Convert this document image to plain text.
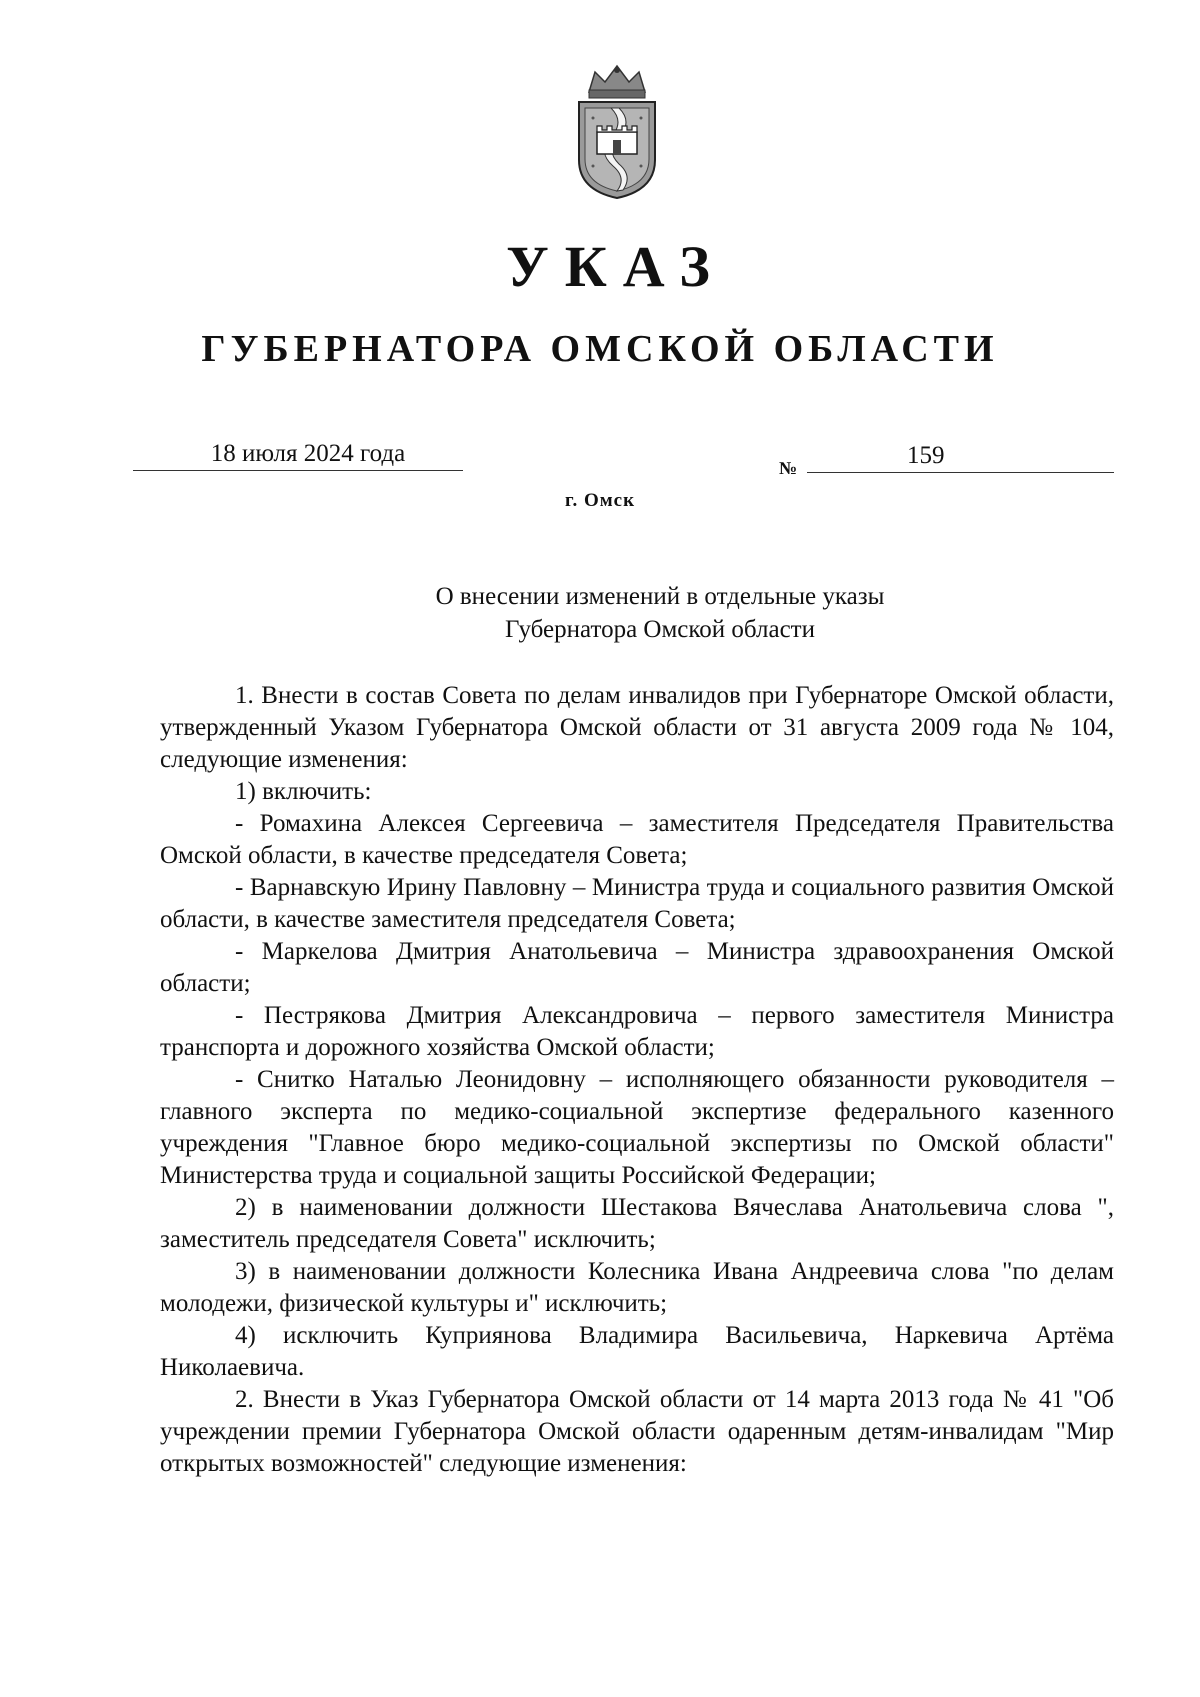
УКАЗ
ГУБЕРНАТОРА ОМСКОЙ ОБЛАСТИ
18 июля 2024 года
№	159
г. Омск
О внесении изменений в отдельные указы
Губернатора Омской области

1. Внести в состав Совета по делам инвалидов при Губернаторе Омской области, утвержденный Указом Губернатора Омской области от 31 августа 2009 года № 104, следующие изменения:

1) включить:

- Ромахина Алексея Сергеевича – заместителя Председателя Правительства Омской области, в качестве председателя Совета;

- Варнавскую Ирину Павловну – Министра труда и социального развития Омской области, в качестве заместителя председателя Совета;

- Маркелова Дмитрия Анатольевича – Министра здравоохранения Омской области;

- Пестрякова Дмитрия Александровича – первого заместителя Министра транспорта и дорожного хозяйства Омской области;

- Снитко Наталью Леонидовну – исполняющего обязанности руководителя – главного эксперта по медико-социальной экспертизе федерального казенного учреждения "Главное бюро медико-социальной экспертизы по Омской области" Министерства труда и социальной защиты Российской Федерации;

2) в наименовании должности Шестакова Вячеслава Анатольевича слова ", заместитель председателя Совета" исключить;

3) в наименовании должности Колесника Ивана Андреевича слова "по делам молодежи, физической культуры и" исключить;

4) исключить Куприянова Владимира Васильевича, Наркевича Артёма Николаевича.

2. Внести в Указ Губернатора Омской области от 14 марта 2013 года № 41 "Об учреждении премии Губернатора Омской области одаренным детям-инвалидам "Мир открытых возможностей" следующие изменения:
